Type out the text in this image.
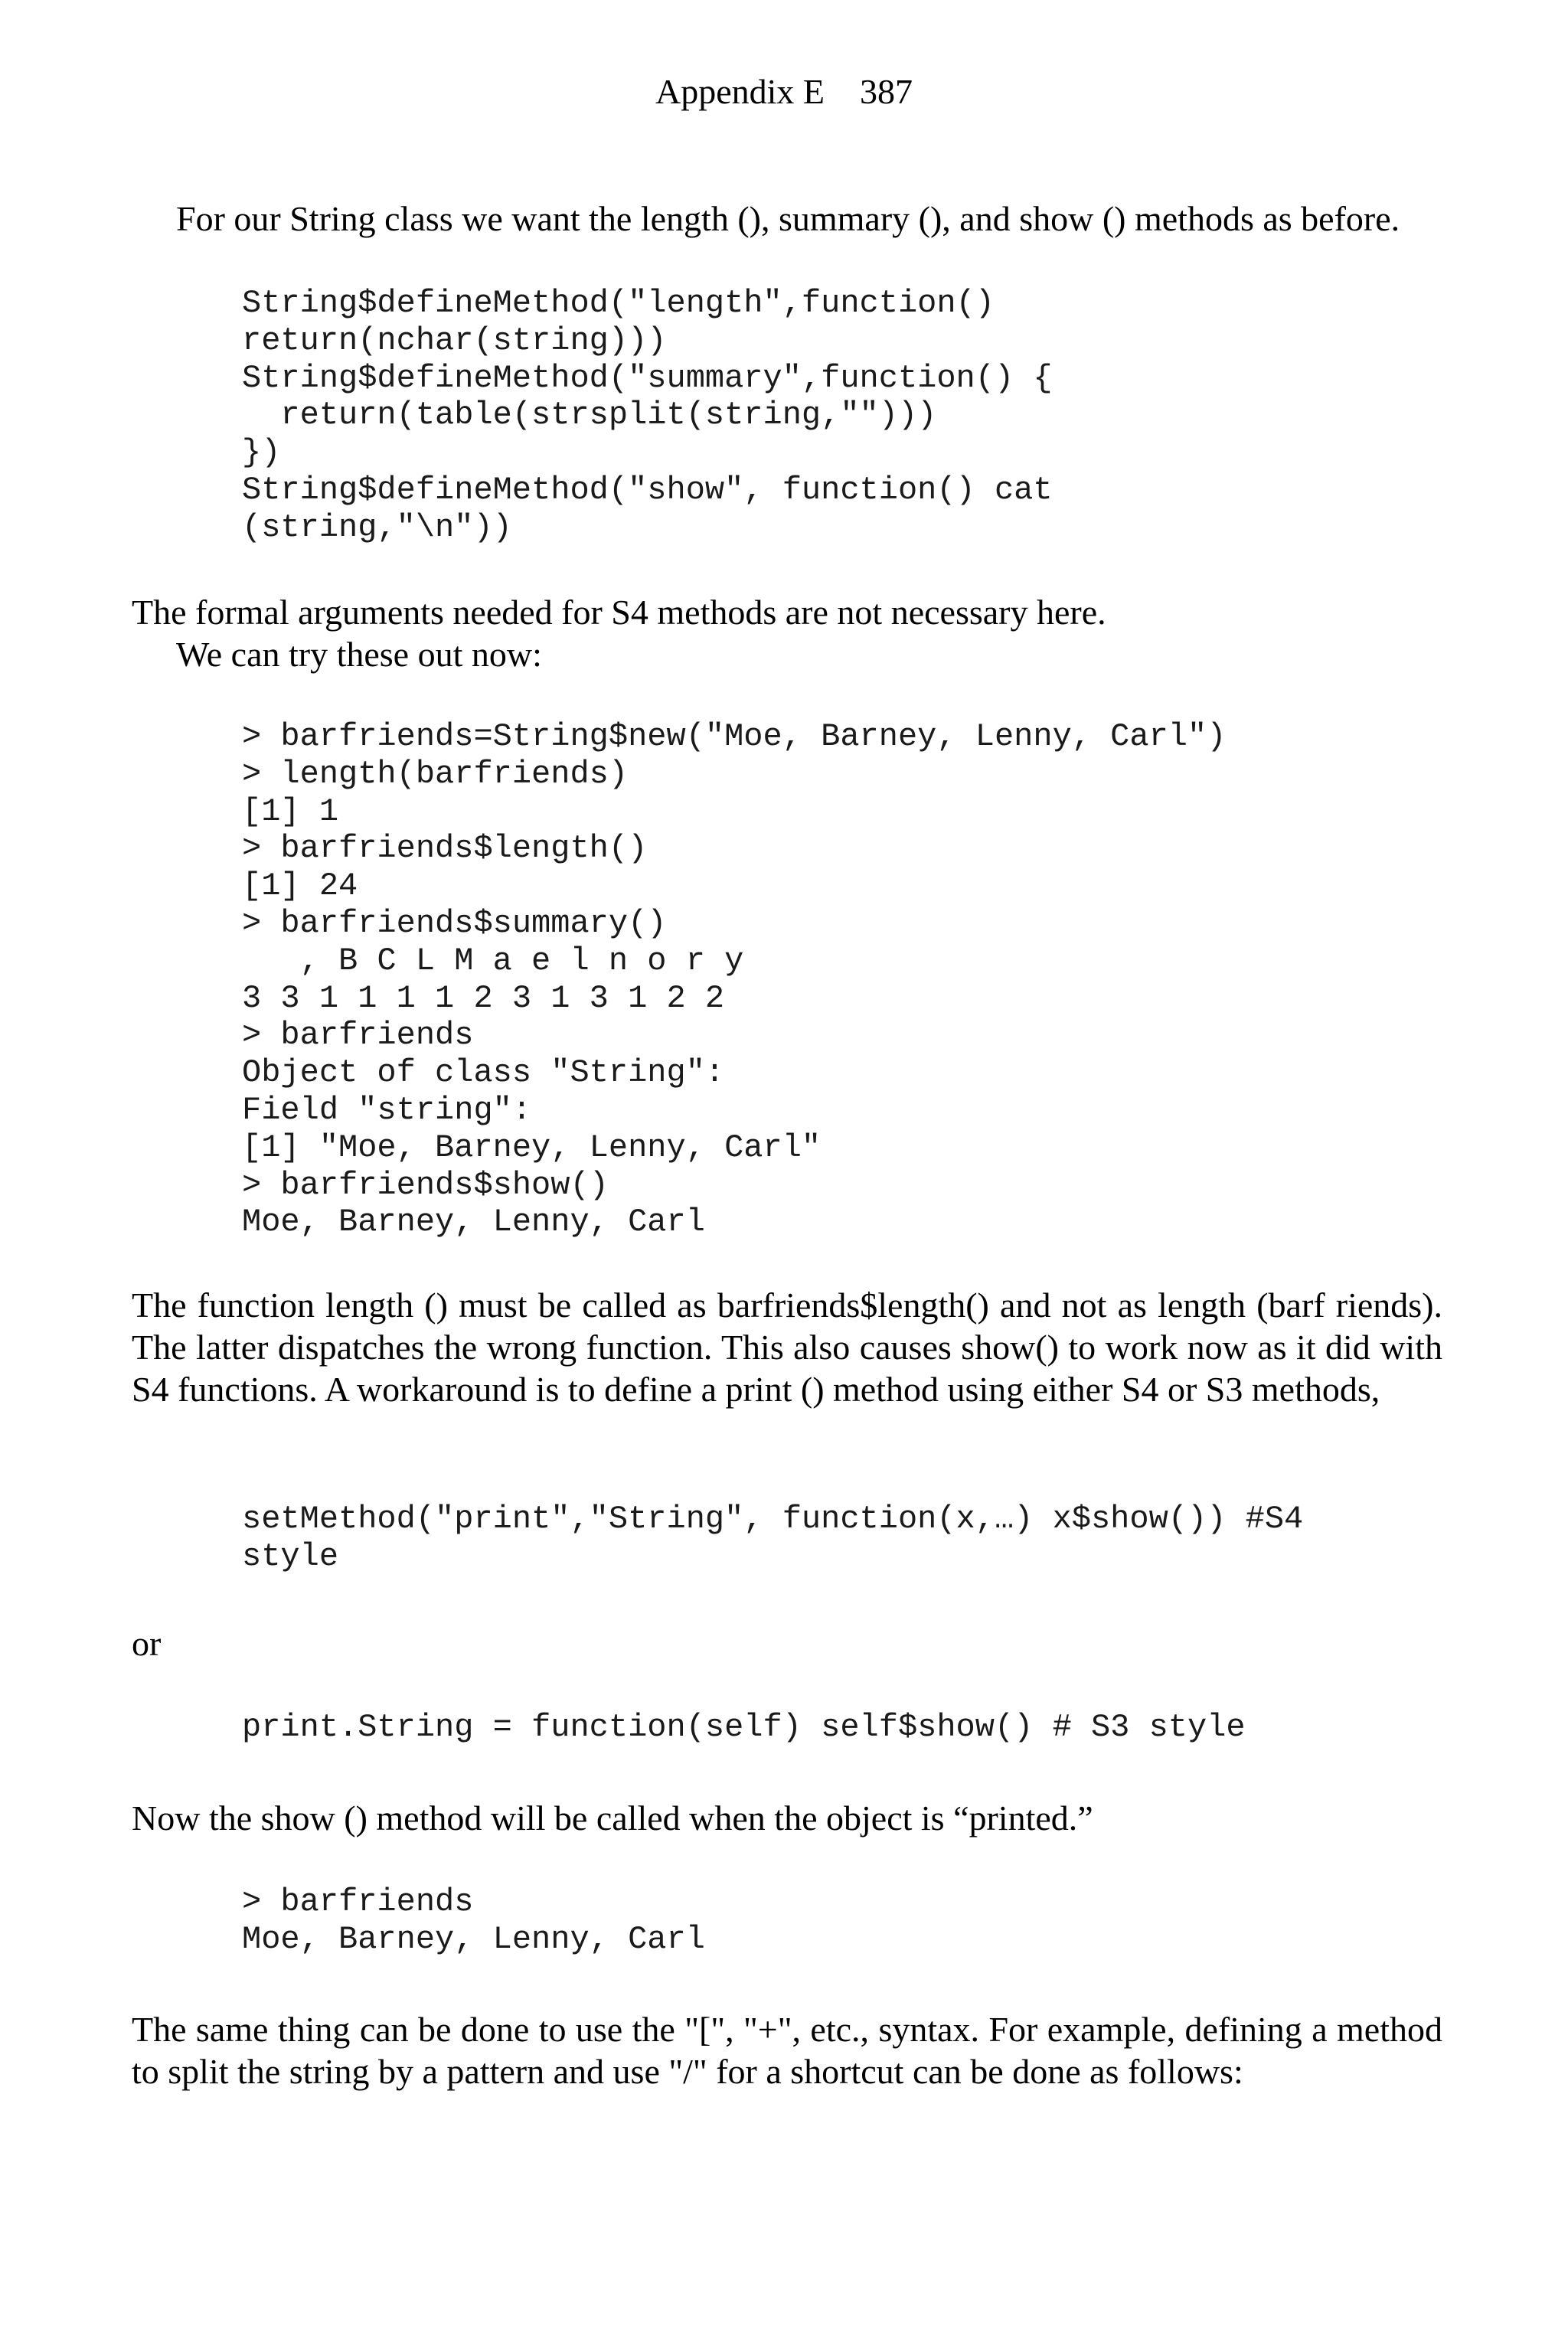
Appendix E 387

For our String class we want the length (), summary (), and show () methods as before.

String$defineMethod("length",function()
return(nchar(string)))
String$defineMethod("summary",function() {
return(table(strsplit(string,"")))
})
String$defineMethod("show", function() cat
(string,"\n"))

The formal arguments needed for S4 methods are not necessary here.

We can try these out now:

> barfriends=String$new("Moe, Barney, Lenny, Carl")
> length(barfriends)
[1] 1
> barfriends$length()
[1] 24
> barfriends$summary()
, B C L M a e l n o r y
3 3 1 1 1 1 2 3 1 3 1 2 2
> barfriends
Object of class "String":
Field "string":
[1] "Moe, Barney, Lenny, Carl"
> barfriends$show()
Moe, Barney, Lenny, Carl

The function length () must be called as barfriends$length() and not as length (barf riends). The latter dispatches the wrong function. This also causes show() to work now as it did with S4 functions. A workaround is to define a print () method using either S4 or S3 methods,

setMethod("print","String", function(x,…) x$show()) #S4
style

or

print.String = function(self) self$show() # S3 style

Now the show () method will be called when the object is “printed.”

> barfriends
Moe, Barney, Lenny, Carl

The same thing can be done to use the "[", "+", etc., syntax. For example, defining a method to split the string by a pattern and use "/" for a shortcut can be done as follows:
